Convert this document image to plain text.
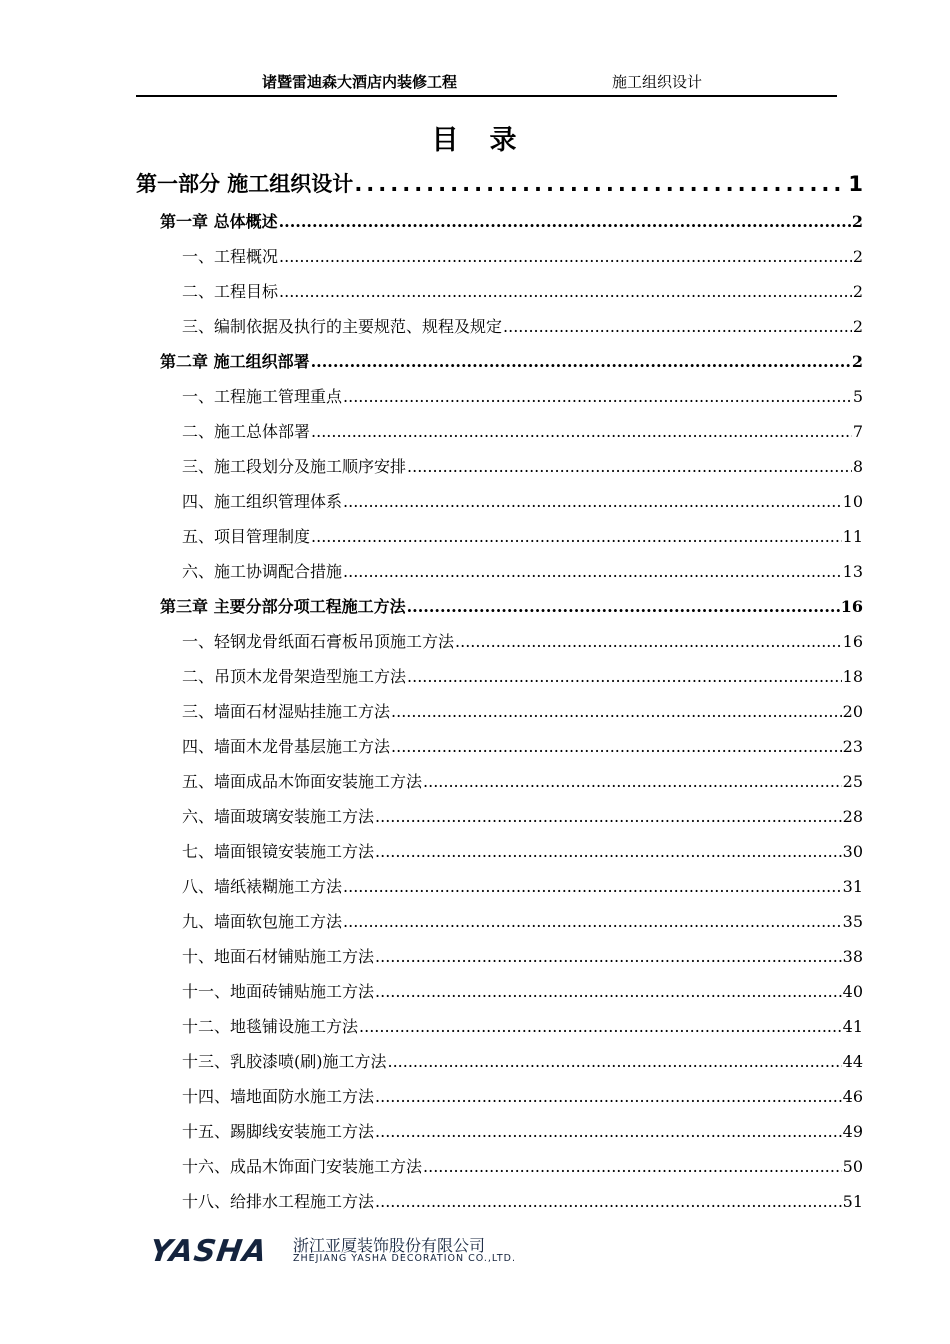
诸暨雷迪森大酒店内装修工程	施工组织设计
目　录
第一部分 施工组织设计 .....	1
第一章 总体概述 .....	2
一、工程概况 .....	2
二、工程目标 .....	2
三、编制依据及执行的主要规范、规程及规定 .....	2
第二章 施工组织部署 .....	2
一、工程施工管理重点 .....	5
二、施工总体部署 .....	7
三、施工段划分及施工顺序安排 .....	8
四、施工组织管理体系 .....	10
五、项目管理制度 .....	11
六、施工协调配合措施 .....	13
第三章 主要分部分项工程施工方法 .....	16
一、轻钢龙骨纸面石膏板吊顶施工方法 .....	16
二、吊顶木龙骨架造型施工方法 .....	18
三、墙面石材湿贴挂施工方法 .....	20
四、墙面木龙骨基层施工方法 .....	23
五、墙面成品木饰面安装施工方法 .....	25
六、墙面玻璃安装施工方法 .....	28
七、墙面银镜安装施工方法 .....	30
八、墙纸裱糊施工方法 .....	31
九、墙面软包施工方法 .....	35
十、地面石材铺贴施工方法 .....	38
十一、地面砖铺贴施工方法 .....	40
十二、地毯铺设施工方法 .....	41
十三、乳胶漆喷(刷)施工方法 .....	44
十四、墙地面防水施工方法 .....	46
十五、踢脚线安装施工方法 .....	49
十六、成品木饰面门安装施工方法 .....	50
十八、给排水工程施工方法 .....	51
YASHA 浙江亚厦装饰股份有限公司
ZHEJIANG YASHA DECORATION CO.,LTD.
